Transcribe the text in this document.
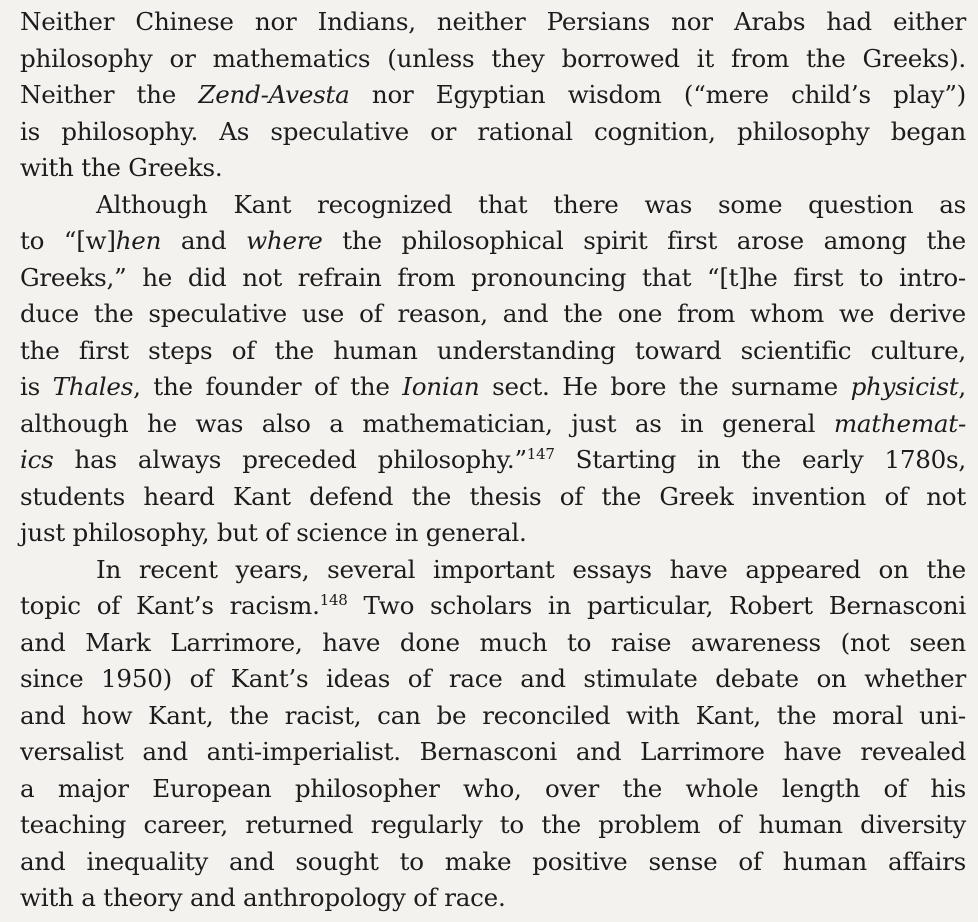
Neither Chinese nor Indians, neither Persians nor Arabs had either
philosophy or mathematics (unless they borrowed it from the Greeks).
Neither the Zend-Avesta nor Egyptian wisdom (“mere child’s play”)
is philosophy. As speculative or rational cognition, philosophy began
with the Greeks.
Although Kant recognized that there was some question as
to “[w]hen and where the philosophical spirit first arose among the
Greeks,” he did not refrain from pronouncing that “[t]he first to intro-
duce the speculative use of reason, and the one from whom we derive
the first steps of the human understanding toward scientific culture,
is Thales, the founder of the Ionian sect. He bore the surname physicist,
although he was also a mathematician, just as in general mathemat-
ics has always preceded philosophy.”$^{147}$ Starting in the early 1780s,
students heard Kant defend the thesis of the Greek invention of not
just philosophy, but of science in general.
In recent years, several important essays have appeared on the
topic of Kant’s racism.$^{148}$ Two scholars in particular, Robert Bernasconi
and Mark Larrimore, have done much to raise awareness (not seen
since 1950) of Kant’s ideas of race and stimulate debate on whether
and how Kant, the racist, can be reconciled with Kant, the moral uni-
versalist and anti-imperialist. Bernasconi and Larrimore have revealed
a major European philosopher who, over the whole length of his
teaching career, returned regularly to the problem of human diversity
and inequality and sought to make positive sense of human affairs
with a theory and anthropology of race.
